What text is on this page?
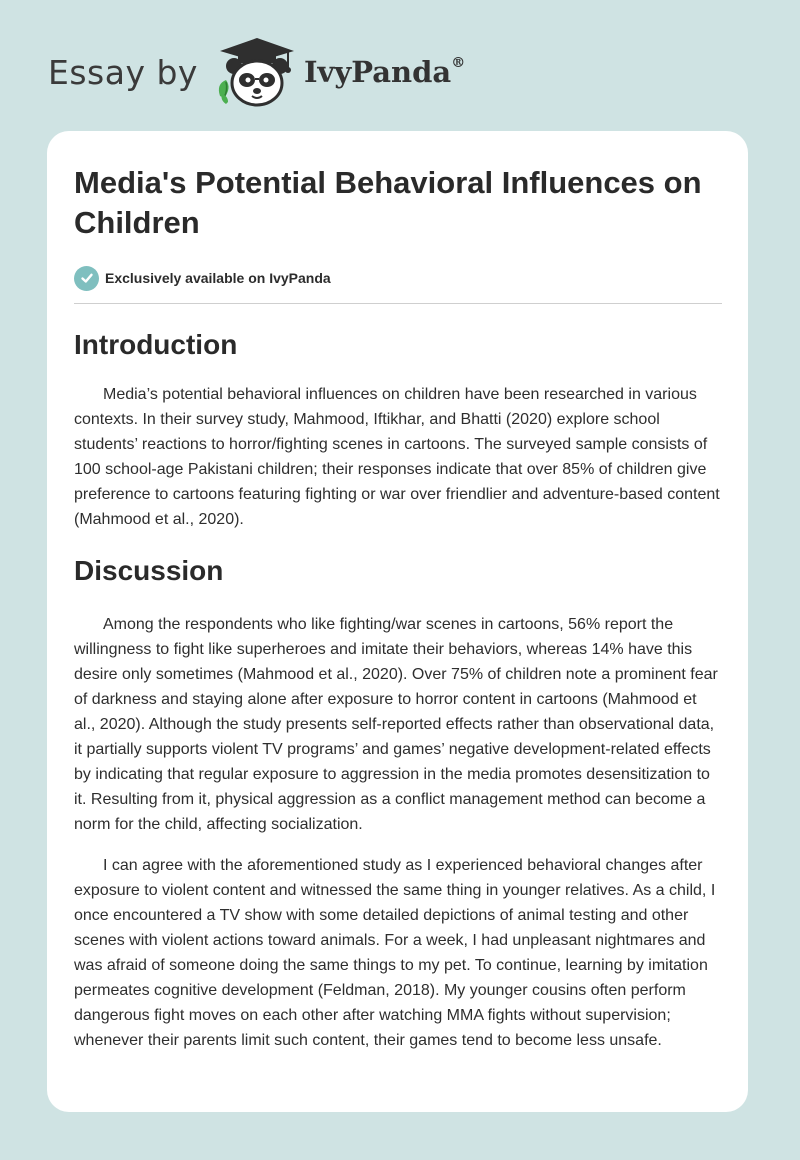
Essay by	IvyPanda®
Media's Potential Behavioral Influences on Children
Exclusively available on IvyPanda
Introduction

Media’s potential behavioral influences on children have been researched in various contexts. In their survey study, Mahmood, Iftikhar, and Bhatti (2020) explore school students’ reactions to horror/fighting scenes in cartoons. The surveyed sample consists of 100 school-age Pakistani children; their responses indicate that over 85% of children give preference to cartoons featuring fighting or war over friendlier and adventure-based content (Mahmood et al., 2020).

Discussion

Among the respondents who like fighting/war scenes in cartoons, 56% report the willingness to fight like superheroes and imitate their behaviors, whereas 14% have this desire only sometimes (Mahmood et al., 2020). Over 75% of children note a prominent fear of darkness and staying alone after exposure to horror content in cartoons (Mahmood et al., 2020). Although the study presents self-reported effects rather than observational data, it partially supports violent TV programs’ and games’ negative development-related effects by indicating that regular exposure to aggression in the media promotes desensitization to it. Resulting from it, physical aggression as a conflict management method can become a norm for the child, affecting socialization.

I can agree with the aforementioned study as I experienced behavioral changes after exposure to violent content and witnessed the same thing in younger relatives. As a child, I once encountered a TV show with some detailed depictions of animal testing and other scenes with violent actions toward animals. For a week, I had unpleasant nightmares and was afraid of someone doing the same things to my pet. To continue, learning by imitation permeates cognitive development (Feldman, 2018). My younger cousins often perform dangerous fight moves on each other after watching MMA fights without supervision; whenever their parents limit such content, their games tend to become less unsafe.
